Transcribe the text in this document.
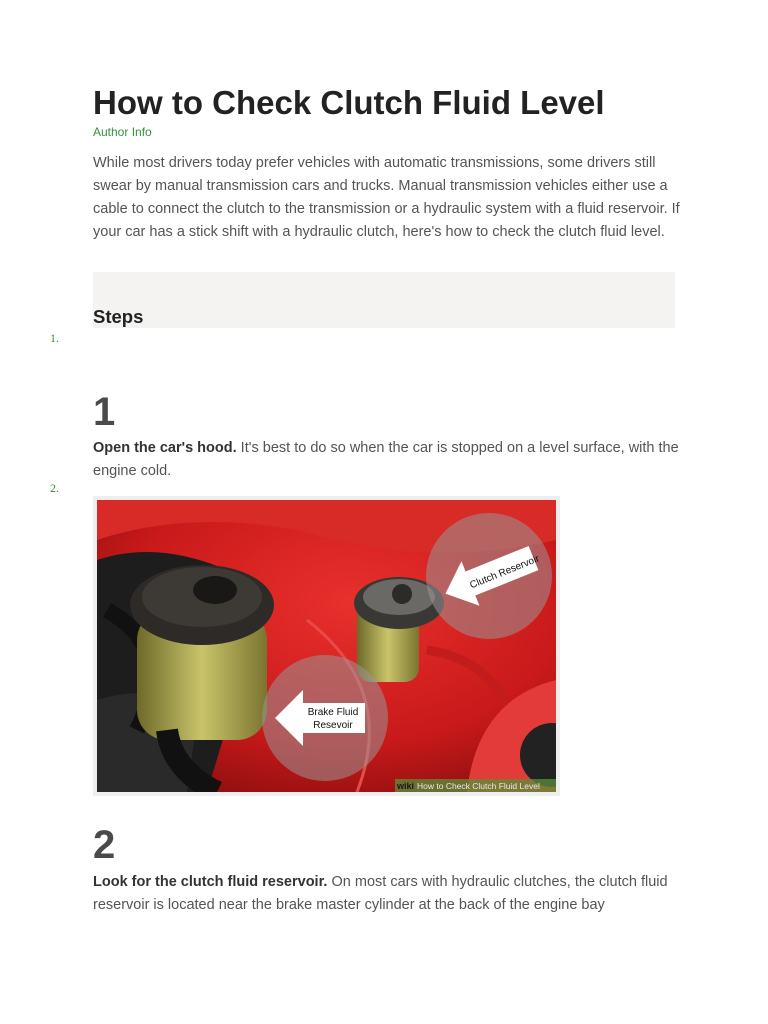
How to Check Clutch Fluid Level
Author Info

While most drivers today prefer vehicles with automatic transmissions, some drivers still swear by manual transmission cars and trucks. Manual transmission vehicles either use a cable to connect the clutch to the transmission or a hydraulic system with a fluid reservoir. If your car has a stick shift with a hydraulic clutch, here's how to check the clutch fluid level.

Steps
1.
1

Open the car's hood. It's best to do so when the car is stopped on a level surface, with the engine cold.

2.
Clutch Reservoir
Brake Fluid
Resevoir
wiki How to Check Clutch Fluid Level
2

Look for the clutch fluid reservoir. On most cars with hydraulic clutches, the clutch fluid reservoir is located near the brake master cylinder at the back of the engine bay
